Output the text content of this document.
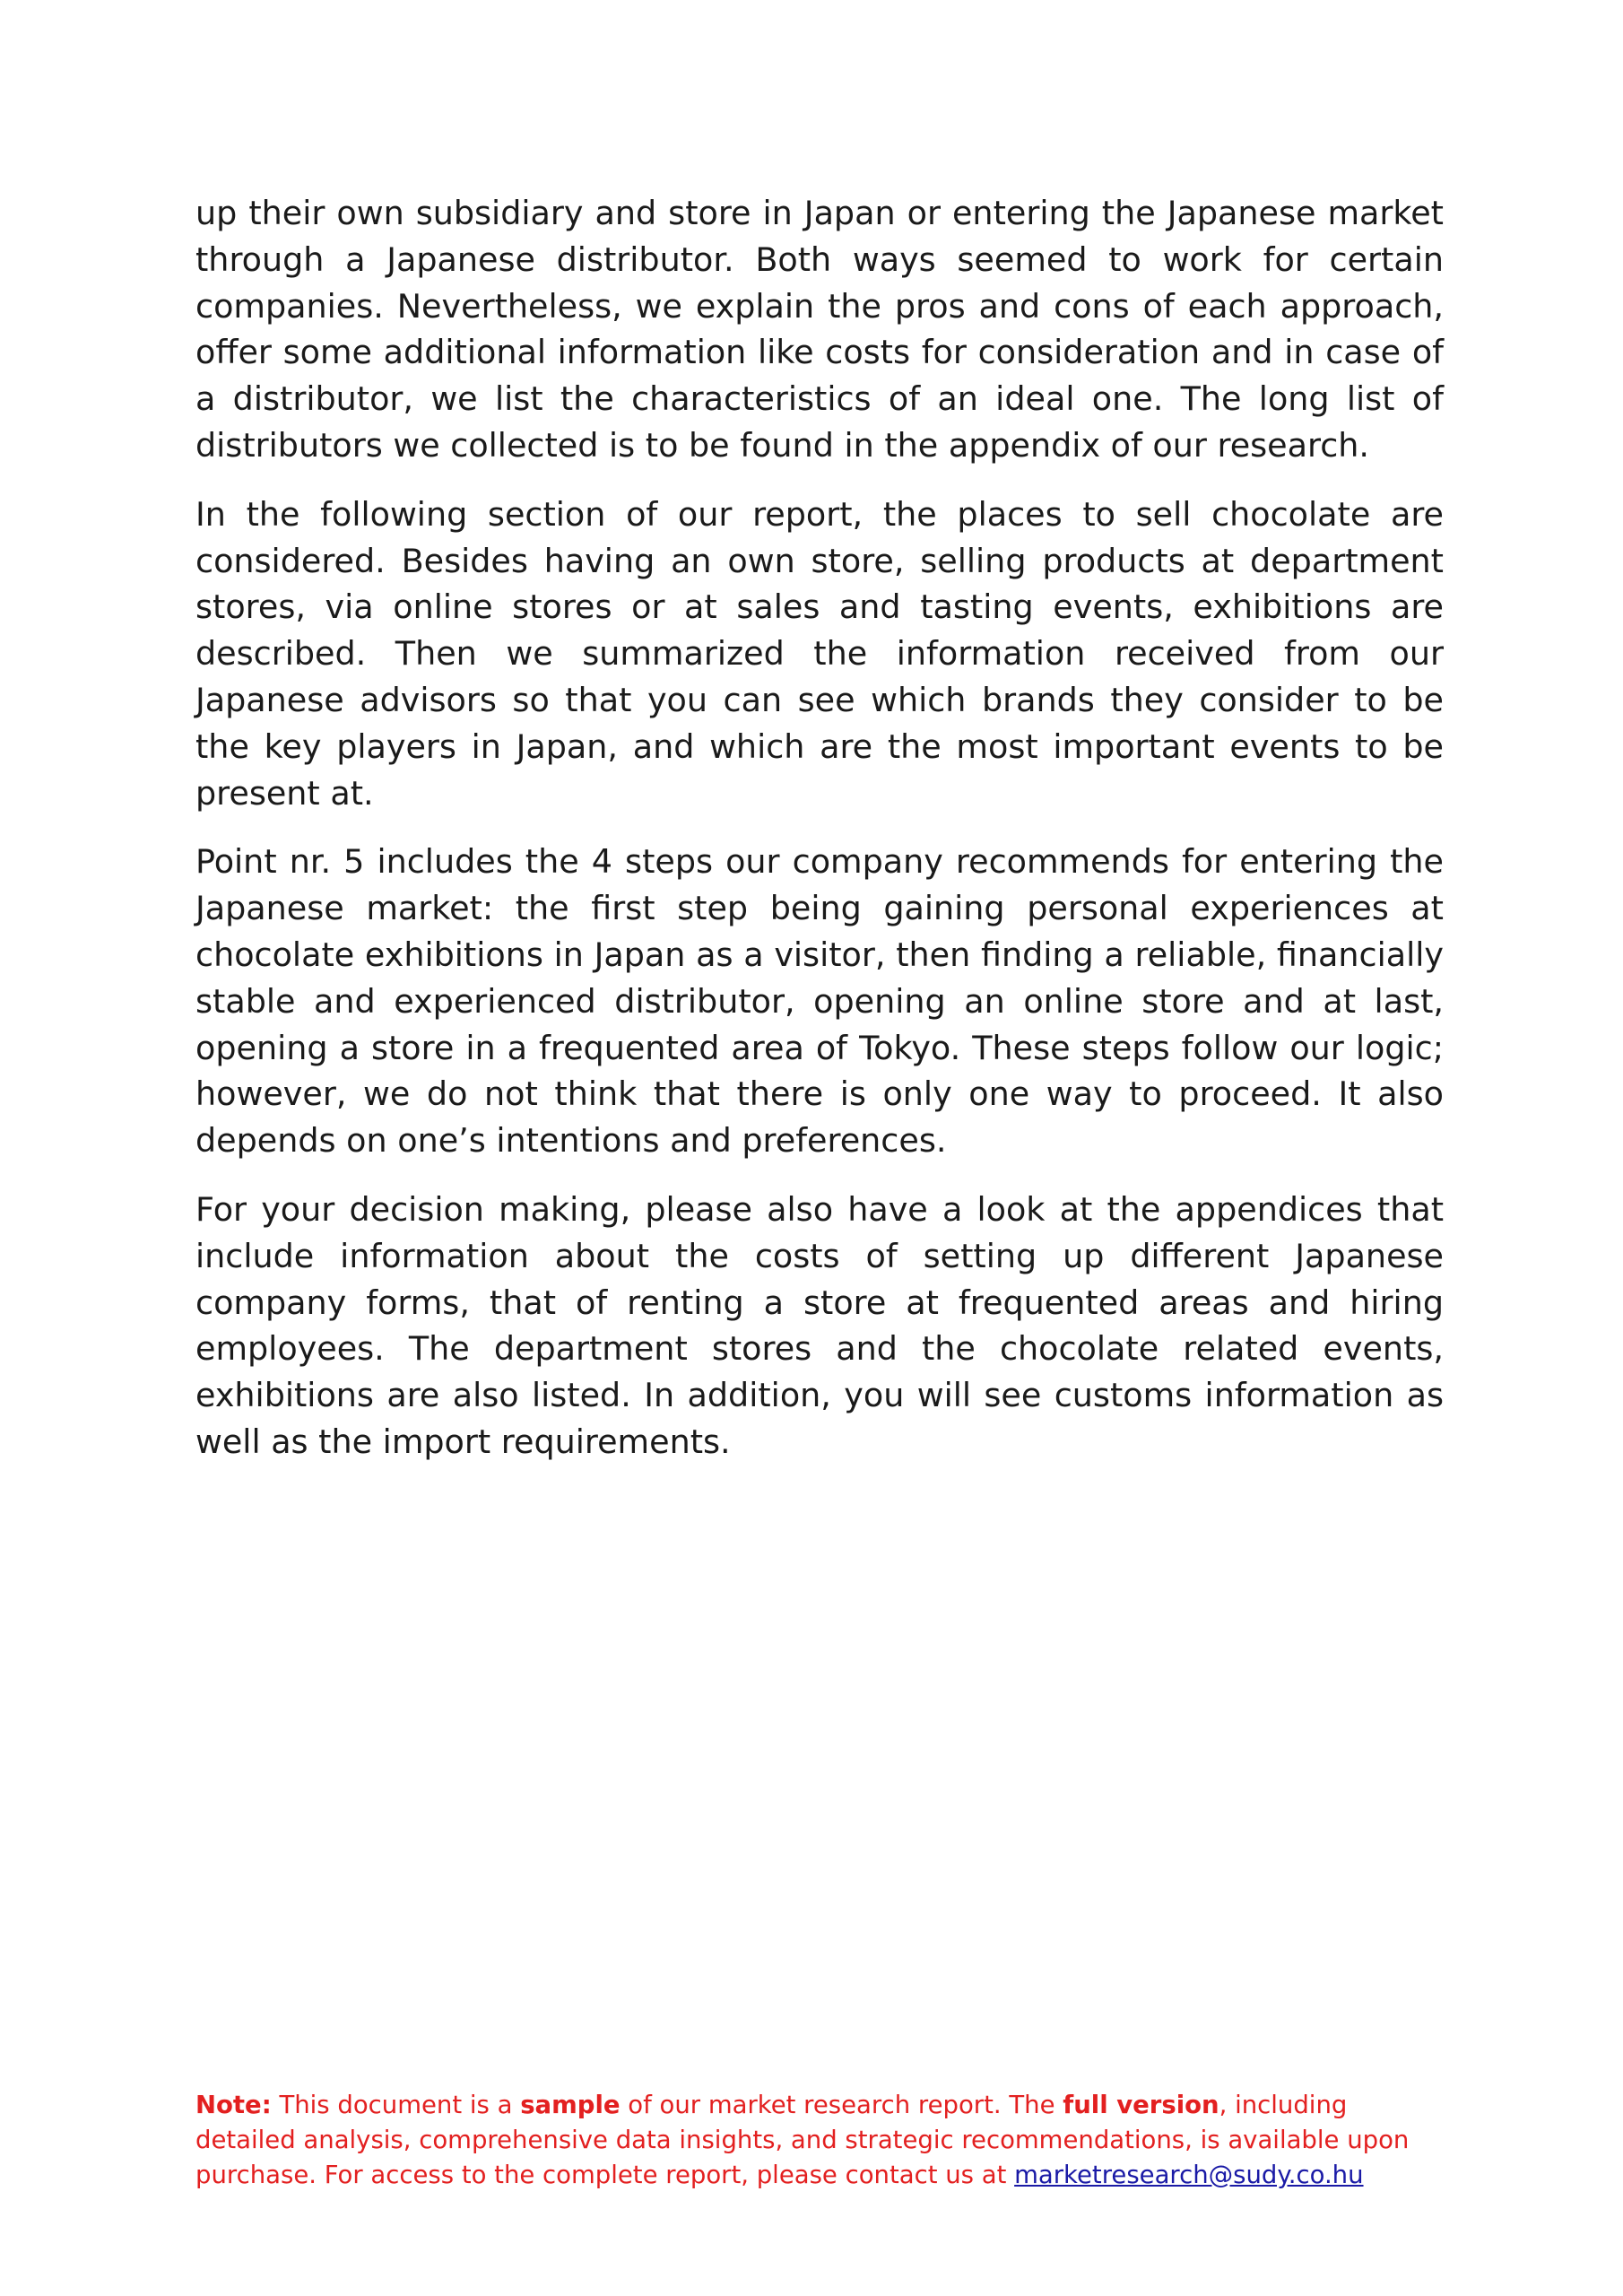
up their own subsidiary and store in Japan or entering the Japanese market through a Japanese distributor. Both ways seemed to work for certain companies. Nevertheless, we explain the pros and cons of each approach, offer some additional information like costs for consideration and in case of a distributor, we list the characteristics of an ideal one. The long list of distributors we collected is to be found in the appendix of our research.

In the following section of our report, the places to sell chocolate are considered. Besides having an own store, selling products at department stores, via online stores or at sales and tasting events, exhibitions are described. Then we summarized the information received from our Japanese advisors so that you can see which brands they consider to be the key players in Japan, and which are the most important events to be present at.

Point nr. 5 includes the 4 steps our company recommends for entering the Japanese market: the first step being gaining personal experiences at chocolate exhibitions in Japan as a visitor, then finding a reliable, financially stable and experienced distributor, opening an online store and at last, opening a store in a frequented area of Tokyo. These steps follow our logic; however, we do not think that there is only one way to proceed. It also depends on one’s intentions and preferences.

For your decision making, please also have a look at the appendices that include information about the costs of setting up different Japanese company forms, that of renting a store at frequented areas and hiring employees. The department stores and the chocolate related events, exhibitions are also listed. In addition, you will see customs information as well as the import requirements.

Note: This document is a sample of our market research report. The full version, including detailed analysis, comprehensive data insights, and strategic recommendations, is available upon purchase. For access to the complete report, please contact us at marketresearch@sudy.co.hu
